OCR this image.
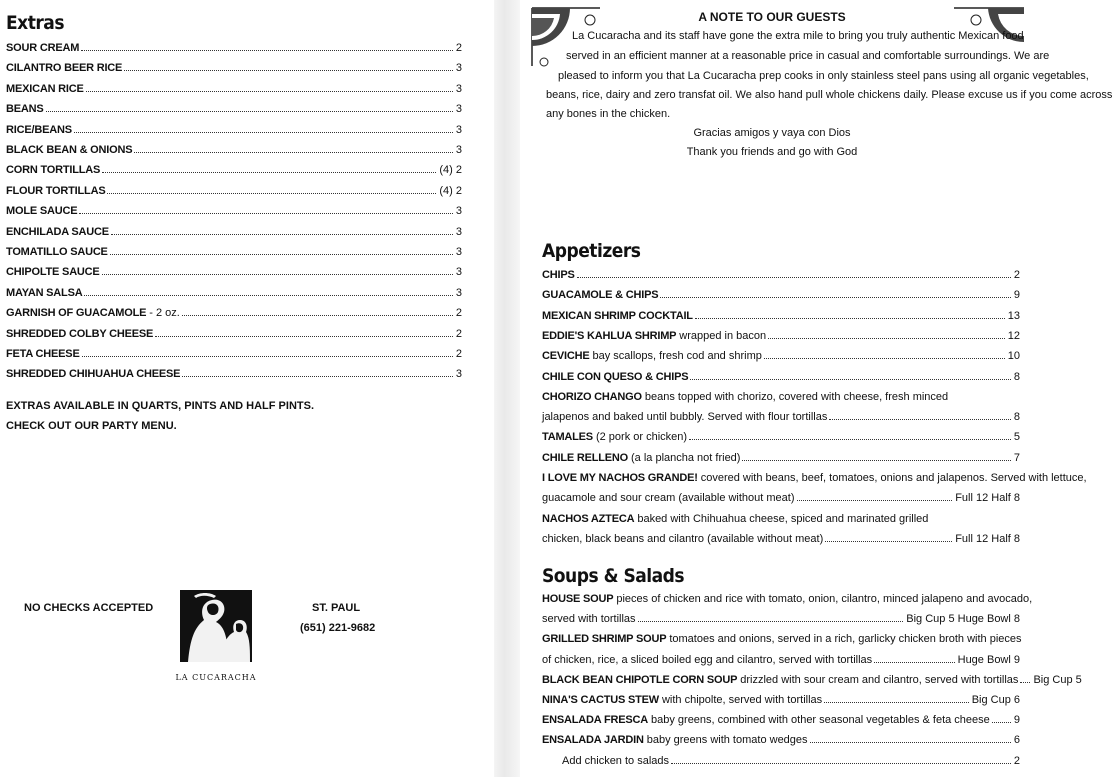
Extras
SOUR CREAM	2
CILANTRO BEER RICE	3
MEXICAN RICE	3
BEANS	3
RICE/BEANS	3
BLACK BEAN & ONIONS	3
CORN TORTILLAS	(4) 2
FLOUR TORTILLAS	(4) 2
MOLE SAUCE	3
ENCHILADA SAUCE	3
TOMATILLO SAUCE	3
CHIPOLTE SAUCE	3
MAYAN SALSA	3
GARNISH OF GUACAMOLE - 2 oz.	2
SHREDDED COLBY CHEESE	2
FETA CHEESE	2
SHREDDED CHIHUAHUA CHEESE	3
EXTRAS AVAILABLE IN QUARTS, PINTS AND HALF PINTS.
CHECK OUT OUR PARTY MENU.
NO CHECKS ACCEPTED
LA CUCARACHA
ST. PAUL
(651) 221-9682
A NOTE TO OUR GUESTS
La Cucaracha and its staff have gone the extra mile to bring you truly authentic Mexican food
served in an efficient manner at a reasonable price in casual and comfortable surroundings. We are
pleased to inform you that La Cucaracha prep cooks in only stainless steel pans using all organic vegetables,
beans, rice, dairy and zero transfat oil. We also hand pull whole chickens daily. Please excuse us if you come across
any bones in the chicken.
Gracias amigos y vaya con Dios
Thank you friends and go with God
Appetizers
CHIPS	2
GUACAMOLE & CHIPS	9
MEXICAN SHRIMP COCKTAIL	13
EDDIE'S KAHLUA SHRIMP wrapped in bacon	12
CEVICHE bay scallops, fresh cod and shrimp	10
CHILE CON QUESO & CHIPS	8
CHORIZO CHANGO beans topped with chorizo, covered with cheese, fresh minced
jalapenos and baked until bubbly. Served with flour tortillas	8
TAMALES (2 pork or chicken)	5
CHILE RELLENO (a la plancha not fried)	7
I LOVE MY NACHOS GRANDE! covered with beans, beef, tomatoes, onions and jalapenos. Served with lettuce,
guacamole and sour cream (available without meat)	Full 12 Half 8
NACHOS AZTECA baked with Chihuahua cheese, spiced and marinated grilled
chicken, black beans and cilantro (available without meat)	Full 12 Half 8
Soups & Salads
HOUSE SOUP pieces of chicken and rice with tomato, onion, cilantro, minced jalapeno and avocado,
served with tortillas	Big Cup 5 Huge Bowl 8
GRILLED SHRIMP SOUP tomatoes and onions, served in a rich, garlicky chicken broth with pieces
of chicken, rice, a sliced boiled egg and cilantro, served with tortillas	Huge Bowl 9
BLACK BEAN CHIPOTLE CORN SOUP drizzled with sour cream and cilantro, served with tortillas Big Cup 5
NINA'S CACTUS STEW with chipolte, served with tortillas	Big Cup 6
ENSALADA FRESCA baby greens, combined with other seasonal vegetables & feta cheese 9
ENSALADA JARDIN baby greens with tomato wedges	6
Add chicken to salads	2
